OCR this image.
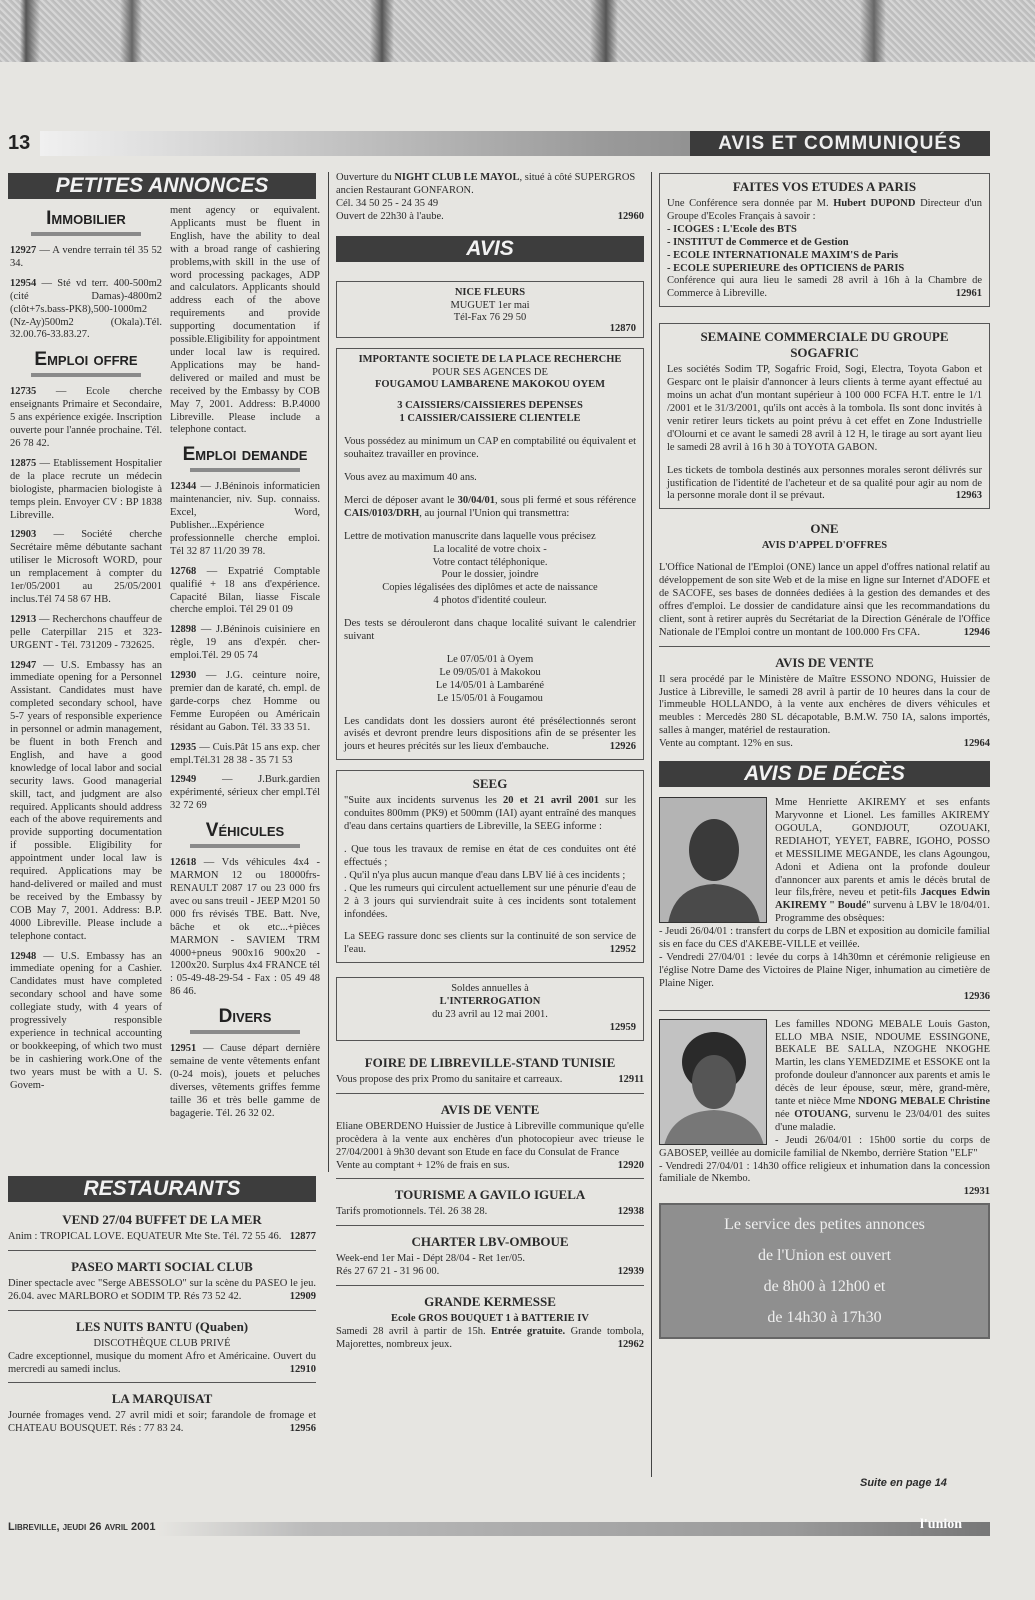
13	AVIS ET COMMUNIQUÉS
PETITES ANNONCES
Immobilier

12927 — A vendre terrain tél 35 52 34.

12954 — Sté vd terr. 400-500m2 (cité Damas)-4800m2 (clôt+7s.bass-PK8),500-1000m2 (Nz-Ay)500m2 (Okala).Tél. 32.00.76-33.83.27.

Emploi offre

12735 — Ecole cherche enseignants Primaire et Secondaire, 5 ans expérience exigée. Inscription ouverte pour l'année prochaine. Tél. 26 78 42.

12875 — Etablissement Hospitalier de la place recrute un médecin biologiste, pharmacien biologiste à temps plein. Envoyer CV : BP 1838 Libreville.

12903 — Société cherche Secrétaire même débutante sachant utiliser le Microsoft WORD, pour un remplacement à compter du 1er/05/2001 au 25/05/2001 inclus.Tél 74 58 67 HB.

12913 — Recherchons chauffeur de pelle Caterpillar 215 et 323-URGENT - Tél. 731209 - 732625.

12947 — U.S. Embassy has an immediate opening for a Personnel Assistant. Candidates must have completed secondary school, have 5-7 years of responsible experience in personnel or admin management, be fluent in both French and English, and have a good knowledge of local labor and social security laws. Good managerial skill, tact, and judgment are also required. Applicants should address each of the above requirements and provide supporting documentation if possible. Eligibility for appointment under local law is required. Applications may be hand-delivered or mailed and must be received by the Embassy by COB May 7, 2001. Address: B.P. 4000 Libreville. Please include a telephone contact.

12948 — U.S. Embassy has an immediate opening for a Cashier. Candidates must have completed secondary school and have some collegiate study, with 4 years of progressively responsible experience in technical accounting or bookkeeping, of which two must be in cashiering work.One of the two years must be with a U. S. Govem-

ment agency or equivalent. Applicants must be fluent in English, have the ability to deal with a broad range of cashiering problems,with skill in the use of word processing packages, ADP and calculators. Applicants should address each of the above requirements and provide supporting documentation if possible.Eligibility for appointment under local law is required. Applications may be hand-delivered or mailed and must be received by the Embassy by COB May 7, 2001. Address: B.P.4000 Libreville. Please include a telephone contact.

Emploi demande

12344 — J.Béninois informaticien maintenancier, niv. Sup. connaiss. Excel, Word, Publisher...Expérience professionnelle cherche emploi. Tél 32 87 11/20 39 78.

12768 — Expatrié Comptable qualifié + 18 ans d'expérience. Capacité Bilan, liasse Fiscale cherche emploi. Tél 29 01 09

12898 — J.Béninois cuisiniere en règle, 19 ans d'expér. cher-emploi.Tél. 29 05 74

12930 — J.G. ceinture noire, premier dan de karaté, ch. empl. de garde-corps chez Homme ou Femme Européen ou Américain résidant au Gabon. Tél. 33 33 51.

12935 — Cuis.Pât 15 ans exp. cher empl.Tél.31 28 38 - 35 71 53

12949 — J.Burk.gardien expérimenté, sérieux cher empl.Tél 32 72 69

Véhicules

12618 — Vds véhicules 4x4 - MARMON 12 ou 18000frs-RENAULT 2087 17 ou 23 000 frs avec ou sans treuil - JEEP M201 50 000 frs révisés TBE. Batt. Nve, bâche et ok etc...+pièces MARMON - SAVIEM TRM 4000+pneus 900x16 900x20 - 1200x20. Surplus 4x4 FRANCE tél : 05-49-48-29-54 - Fax : 05 49 48 86 46.

Divers

12951 — Cause départ dernière semaine de vente vêtements enfant (0-24 mois), jouets et peluches diverses, vêtements griffes femme taille 36 et très belle gamme de bagagerie. Tél. 26 32 02.

RESTAURANTS
VEND 27/04 BUFFET DE LA MER

Anim : TROPICAL LOVE. EQUATEUR Mte Ste. Tél. 72 55 46. 12877

PASEO MARTI SOCIAL CLUB

Diner spectacle avec "Serge ABESSOLO" sur la scène du PASEO le jeu. 26.04. avec MARLBORO et SODIM TP. Rés 73 52 42.	12909

LES NUITS BANTU (Quaben)
DISCOTHÈQUE CLUB PRIVÉ

Cadre exceptionnel, musique du moment Afro et Américaine. Ouvert du mercredi au samedi inclus.	12910

LA MARQUISAT

Journée fromages vend. 27 avril midi et soir; farandole de fromage et CHATEAU BOUSQUET. Rés : 77 83 24.	12956

Ouverture du NIGHT CLUB LE MAYOL, situé à côté SUPERGROS ancien Restaurant GONFARON.

Cél. 34 50 25 - 24 35 49

Ouvert de 22h30 à l'aube.	12960

AVIS
NICE FLEURS
MUGUET 1er mai
Tél-Fax 76 29 50
12870
IMPORTANTE SOCIETE DE LA PLACE RECHERCHE
POUR SES AGENCES DE
FOUGAMOU LAMBARENE MAKOKOU OYEM
3 CAISSIERS/CAISSIERES DEPENSES
1 CAISSIER/CAISSIERE CLIENTELE

Vous possédez au minimum un CAP en comptabilité ou équivalent et souhaitez travailler en province.

Vous avez au maximum 40 ans.

Merci de déposer avant le 30/04/01, sous pli fermé et sous référence CAIS/0103/DRH, au journal l'Union qui transmettra:

Lettre de motivation manuscrite dans laquelle vous précisez

La localité de votre choix -
Votre contact téléphonique.
Pour le dossier, joindre
Copies légalisées des diplômes et acte de naissance
4 photos d'identité couleur.

Des tests se dérouleront dans chaque localité suivant le calendrier suivant

Le 07/05/01 à Oyem
Le 09/05/01 à Makokou
Le 14/05/01 à Lambaréné
Le 15/05/01 à Fougamou

Les candidats dont les dossiers auront été présélectionnés seront avisés et devront prendre leurs dispositions afin de se présenter les jours et heures précités sur les lieux d'embauche.	12926

SEEG

"Suite aux incidents survenus les 20 et 21 avril 2001 sur les conduites 800mm (PK9) et 500mm (IAI) ayant entraîné des manques d'eau dans certains quartiers de Libreville, la SEEG informe :

. Que tous les travaux de remise en état de ces conduites ont été effectués ;
. Qu'il n'ya plus aucun manque d'eau dans LBV lié à ces incidents ;
. Que les rumeurs qui circulent actuellement sur une pénurie d'eau de 2 à 3 jours qui surviendrait suite à ces incidents sont totalement infondées.

La SEEG rassure donc ses clients sur la continuité de son service de l'eau.	12952

Soldes annuelles à
L'INTERROGATION
du 23 avril au 12 mai 2001.
12959
FOIRE DE LIBREVILLE-STAND TUNISIE

Vous propose des prix Promo du sanitaire et carreaux.	12911

AVIS DE VENTE

Eliane OBERDENO Huissier de Justice à Libreville communique qu'elle procèdera à la vente aux enchères d'un photocopieur avec trieuse le 27/04/2001 à 9h30 devant son Etude en face du Consulat de France

Vente au comptant + 12% de frais en sus.	12920

TOURISME A GAVILO IGUELA

Tarifs promotionnels. Tél. 26 38 28.	12938

CHARTER LBV-OMBOUE

Week-end 1er Mai - Dépt 28/04 - Ret 1er/05.

Rés 27 67 21 - 31 96 00.	12939

GRANDE KERMESSE
Ecole GROS BOUQUET 1 à BATTERIE IV

Samedi 28 avril à partir de 15h. Entrée gratuite. Grande tombola, Majorettes, nombreux jeux.	12962

FAITES VOS ETUDES A PARIS

Une Conférence sera donnée par M. Hubert DUPOND Directeur d'un Groupe d'Ecoles Français à savoir :

- ICOGES : L'Ecole des BTS
- INSTITUT de Commerce et de Gestion
- ECOLE INTERNATIONALE MAXIM'S de Paris
- ECOLE SUPERIEURE des OPTICIENS de PARIS

Conférence qui aura lieu le samedi 28 avril à 16h à la Chambre de Commerce à Libreville.	12961

SEMAINE COMMERCIALE DU GROUPE SOGAFRIC

Les sociétés Sodim TP, Sogafric Froid, Sogi, Electra, Toyota Gabon et Gesparc ont le plaisir d'annoncer à leurs clients à terme ayant effectué au moins un achat d'un montant supérieur à 100 000 FCFA H.T. entre le 1/1 /2001 et le 31/3/2001, qu'ils ont accès à la tombola. Ils sont donc invités à venir retirer leurs tickets au point prévu à cet effet en Zone Industrielle d'Olourni et ce avant le samedi 28 avril à 12 H, le tirage au sort ayant lieu le samedi 28 avril à 16 h 30 à TOYOTA GABON.

Les tickets de tombola destinés aux personnes morales seront délivrés sur justification de l'identité de l'acheteur et de sa qualité pour agir au nom de la personne morale dont il se prévaut.	12963

ONE
AVIS D'APPEL D'OFFRES

L'Office National de l'Emploi (ONE) lance un appel d'offres national relatif au développement de son site Web et de la mise en ligne sur Internet d'ADOFE et de SACOFE, ses bases de données dediées à la gestion des demandes et des offres d'emploi. Le dossier de candidature ainsi que les recommandations du client, sont à retirer auprès du Secrétariat de la Direction Générale de l'Office Nationale de l'Emploi contre un montant de 100.000 Frs CFA.	12946

AVIS DE VENTE

Il sera procédé par le Ministère de Maître ESSONO NDONG, Huissier de Justice à Libreville, le samedi 28 avril à partir de 10 heures dans la cour de l'immeuble HOLLANDO, à la vente aux enchères de divers véhicules et meubles : Mercedès 280 SL décapotable, B.M.W. 750 IA, salons importés, salles à manger, matériel de restauration.

Vente au comptant. 12% en sus.	12964

AVIS DE DÉCÈS

Mme Henriette AKIREMY et ses enfants Maryvonne et Lionel. Les familles AKIREMY OGOULA, GONDJOUT, OZOUAKI, REDIAHOT, YEYET, FABRE, IGOHO, POSSO et MESSILIME MEGANDE, les clans Agoungou, Adoni et Adiena ont la profonde douleur d'annoncer aux parents et amis le décès brutal de leur fils,frère, neveu et petit-fils Jacques Edwin AKIREMY " Boudé" survenu à LBV le 18/04/01.

Programme des obsèques:
- Jeudi 26/04/01 : transfert du corps de LBN et exposition au domicile familial sis en face du CES d'AKEBE-VILLE et veillée.
- Vendredi 27/04/01 : levée du corps à 14h30mn et cérémonie religieuse en l'église Notre Dame des Victoires de Plaine Niger, inhumation au cimetière de Plaine Niger.
12936

Les familles NDONG MEBALE Louis Gaston, ELLO MBA NSIE, NDOUME ESSINGONE, BEKALE BE SALLA, NZOGHE NKOGHE Martin, les clans YEMEDZIME et ESSOKE ont la profonde douleur d'annoncer aux parents et amis le décès de leur épouse, sœur, mère, grand-mère, tante et nièce Mme NDONG MEBALE Christine née OTOUANG, survenu le 23/04/01 des suites d'une maladie.

- Jeudi 26/04/01 : 15h00 sortie du corps de GABOSEP, veillée au domicile familial de Nkembo, derrière Station "ELF"
- Vendredi 27/04/01 : 14h30 office religieux et inhumation dans la concession familiale de Nkembo.
12931
Le service des petites annonces
de l'Union est ouvert
de 8h00 à 12h00 et
de 14h30 à 17h30
Suite en page 14
Libreville, jeudi 26 avril 2001	l'union
